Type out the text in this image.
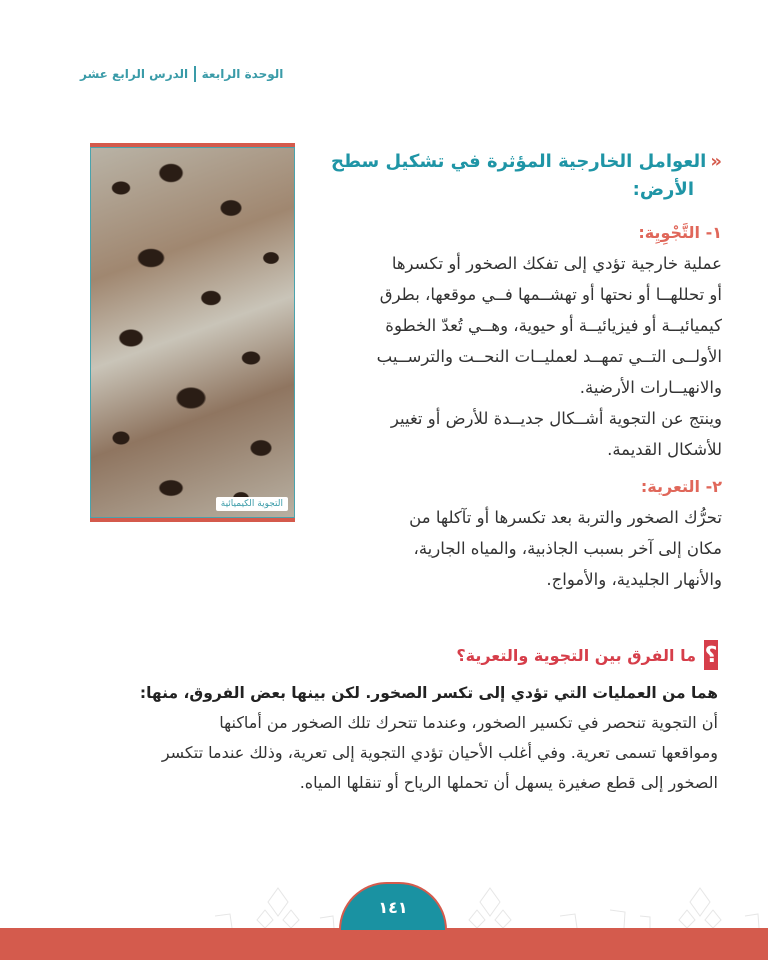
الوحدة الرابعة
الدرس الرابع عشر
التجوية الكيميائية
«العوامل الخارجية المؤثرة في تشكيل سطح
الأرض:
١- التَّجْوِيِة:
عملية خارجية تؤدي إلى تفكك الصخور أو تكسرها
أو تحللهــا أو نحتها أو تهشــمها فــي موقعها، بطرق
كيميائيــة أو فيزيائيــة أو حيوية، وهــي تُعدّ الخطوة
الأولــى التــي تمهــد لعمليــات النحــت والترســيب
والانهيــارات الأرضية.
وينتج عن التجوية أشــكال جديــدة للأرض أو تغيير
للأشكال القديمة.
٢- التعرية:
تحرُّك الصخور والتربة بعد تكسرها أو تآكلها من
مكان إلى آخر بسبب الجاذبية، والمياه الجارية،
والأنهار الجليدية، والأمواج.
؟
ما الفرق بين التجوية والتعرية؟
هما من العمليات التي تؤدي إلى تكسر الصخور. لكن بينها بعض الفروق، منها:
أن التجوية تنحصر في تكسير الصخور، وعندما تتحرك تلك الصخور من أماكنها
ومواقعها تسمى تعرية. وفي أغلب الأحيان تؤدي التجوية إلى تعرية، وذلك عندما تتكسر
الصخور إلى قطع صغيرة يسهل أن تحملها الرياح أو تنقلها المياه.
١٤١
